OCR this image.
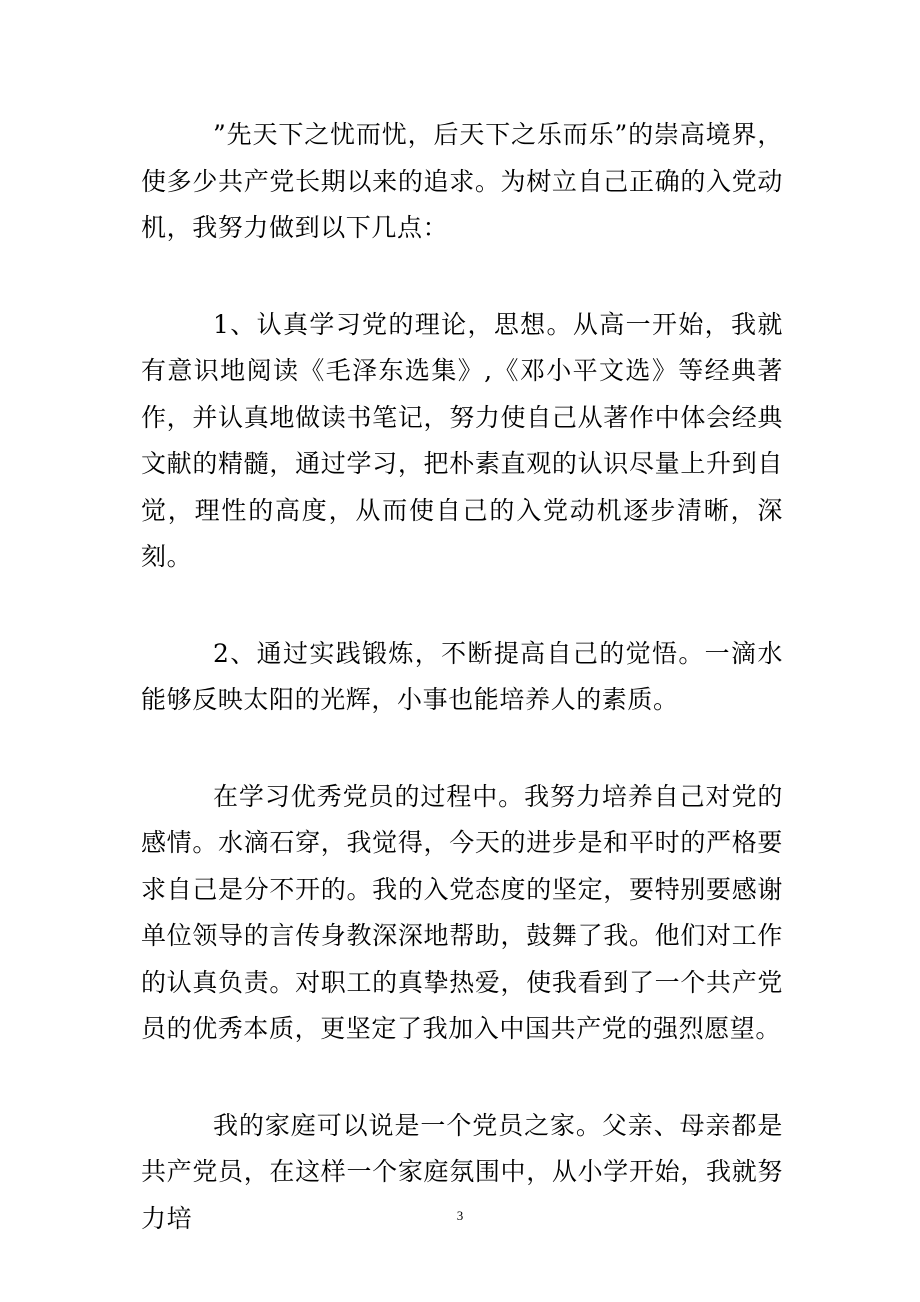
”先天下之忧而忧，后天下之乐而乐”的崇高境界，使多少共产党长期以来的追求。为树立自己正确的入党动机，我努力做到以下几点：

1、认真学习党的理论，思想。从高一开始，我就有意识地阅读《毛泽东选集》,《邓小平文选》等经典著作，并认真地做读书笔记，努力使自己从著作中体会经典文献的精髓，通过学习，把朴素直观的认识尽量上升到自觉，理性的高度，从而使自己的入党动机逐步清晰，深刻。

2、通过实践锻炼，不断提高自己的觉悟。一滴水能够反映太阳的光辉，小事也能培养人的素质。

在学习优秀党员的过程中。我努力培养自己对党的感情。水滴石穿，我觉得，今天的进步是和平时的严格要求自己是分不开的。我的入党态度的坚定，要特别要感谢单位领导的言传身教深深地帮助，鼓舞了我。他们对工作的认真负责。对职工的真挚热爱，使我看到了一个共产党员的优秀本质，更坚定了我加入中国共产党的强烈愿望。

我的家庭可以说是一个党员之家。父亲、母亲都是共产党员，在这样一个家庭氛围中，从小学开始，我就努力培	3
